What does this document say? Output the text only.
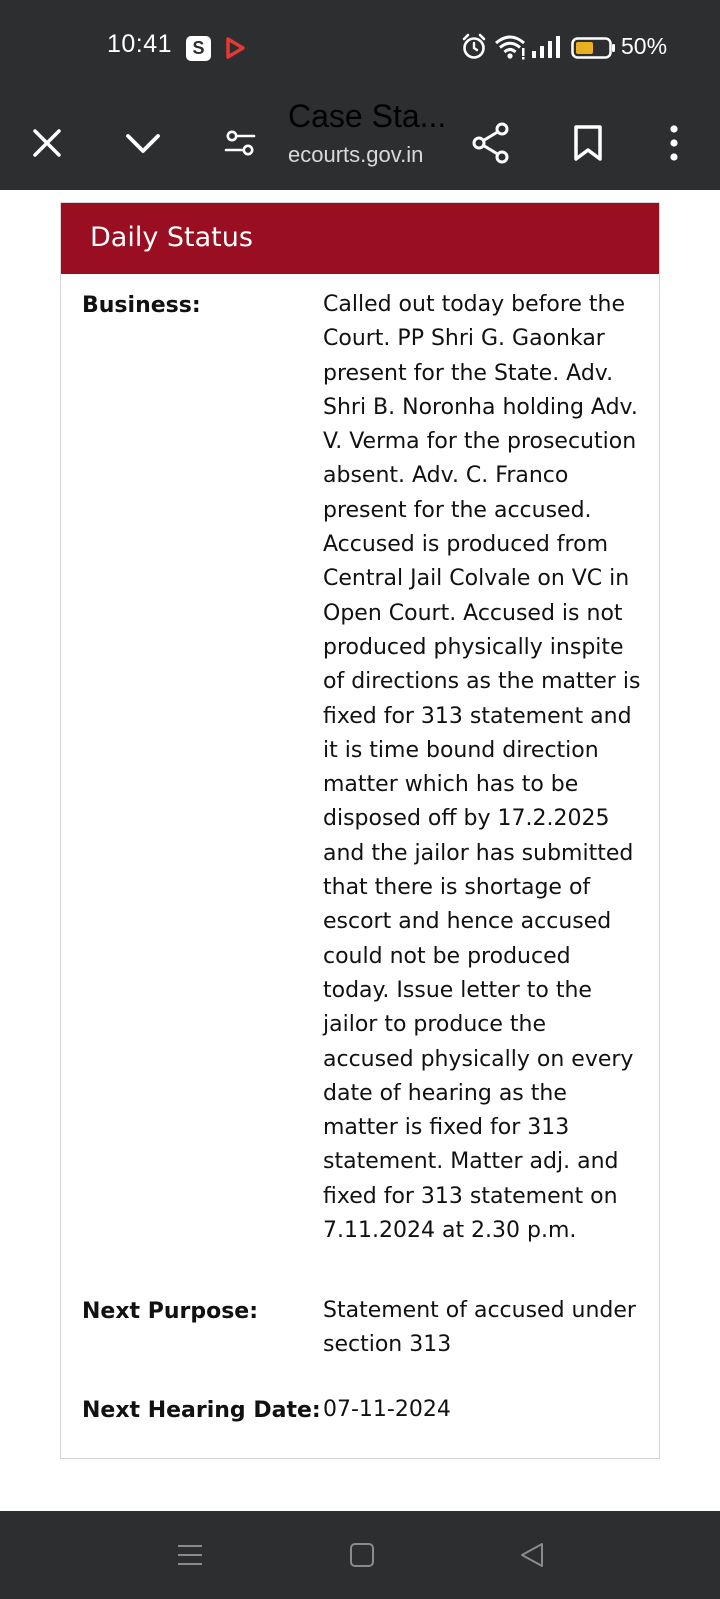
10:41	S	50%
Case Sta...
ecourts.gov.in
Daily Status
Business:	Called out today before the Court. PP Shri G. Gaonkar present for the State. Adv. Shri B. Noronha holding Adv. V. Verma for the prosecution absent. Adv. C. Franco present for the accused. Accused is produced from Central Jail Colvale on VC in Open Court. Accused is not produced physically inspite of directions as the matter is fixed for 313 statement and it is time bound direction matter which has to be disposed off by 17.2.2025 and the jailor has submitted that there is shortage of escort and hence accused could not be produced today. Issue letter to the jailor to produce the accused physically on every date of hearing as the matter is fixed for 313 statement. Matter adj. and fixed for 313 statement on 7.11.2024 at 2.30 p.m.
Next Purpose:	Statement of accused under section 313
Next Hearing Date: 07-11-2024
